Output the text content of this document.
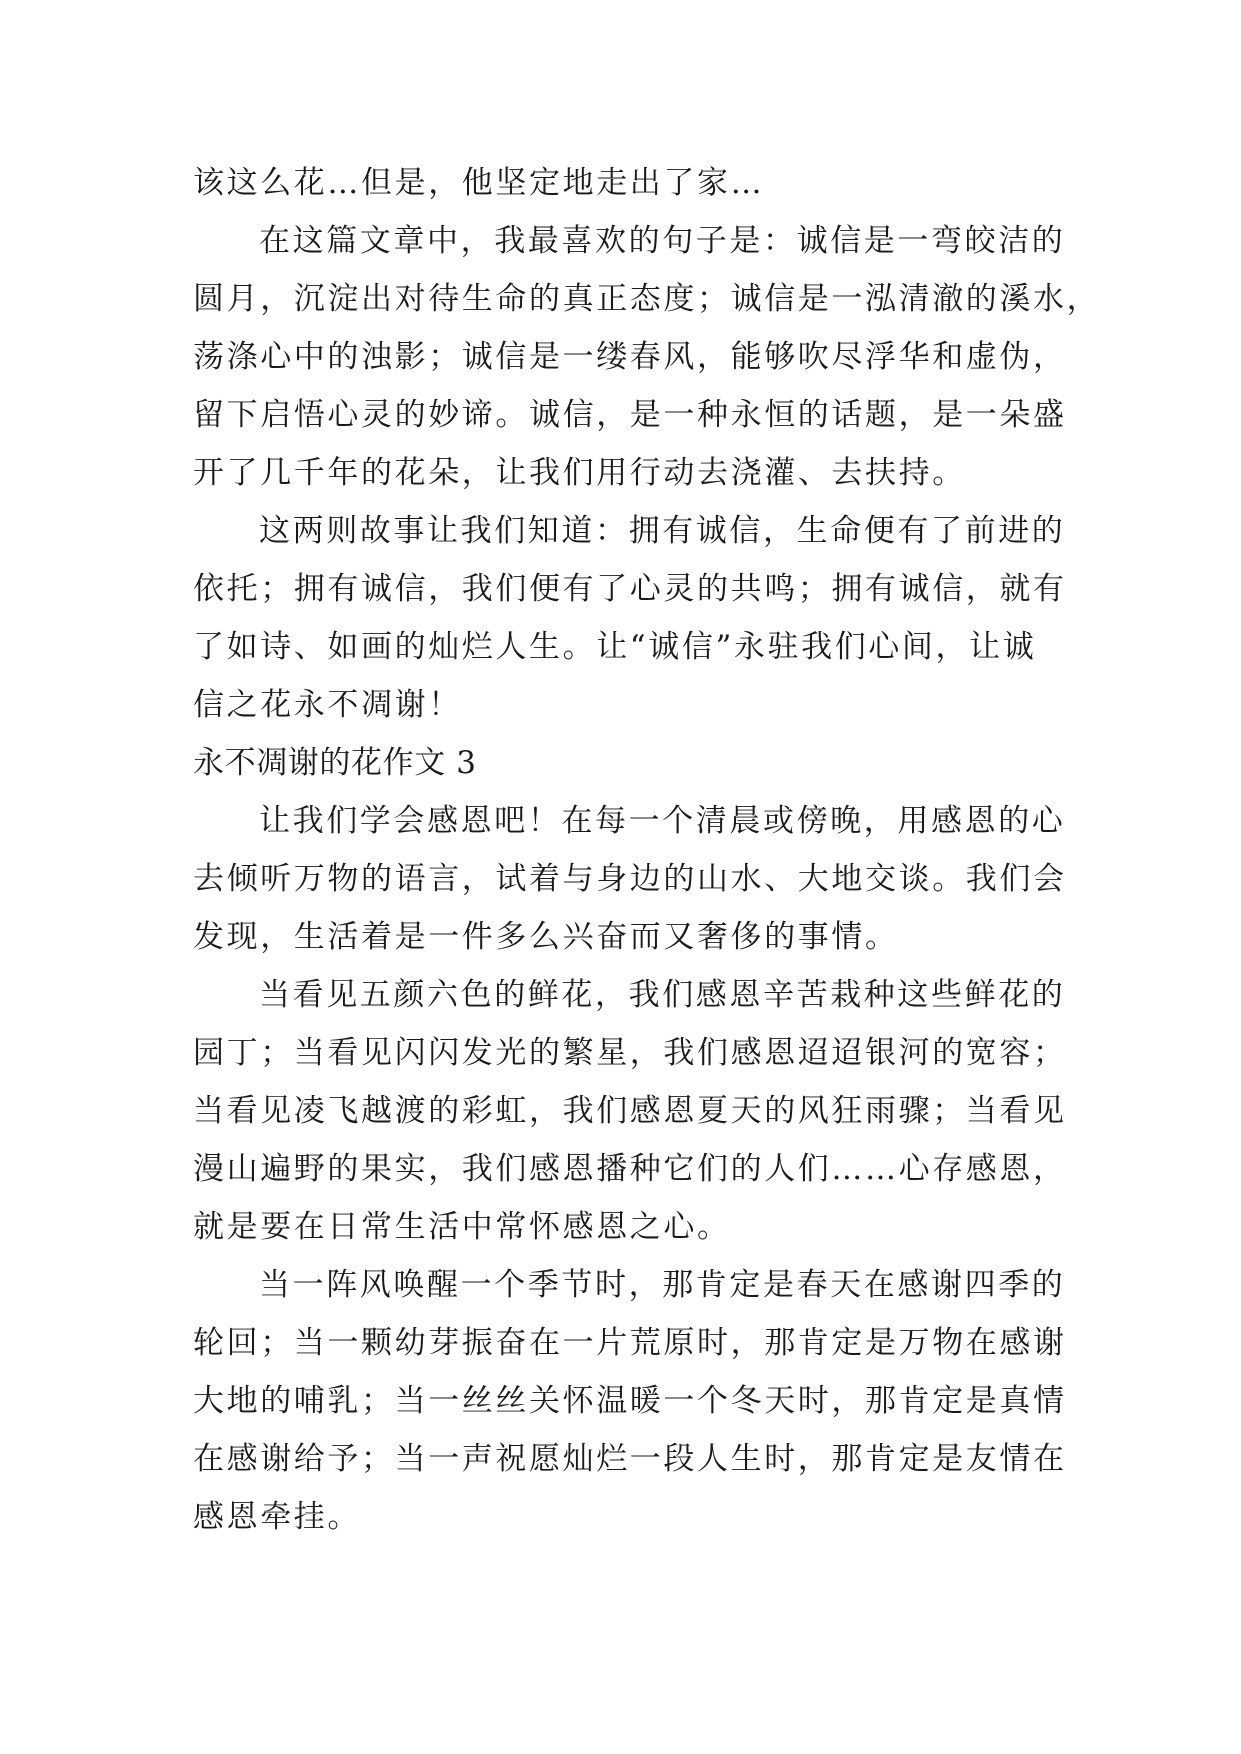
该这么花…但是，他坚定地走出了家…
在这篇文章中，我最喜欢的句子是：诚信是一弯皎洁的
圆月，沉淀出对待生命的真正态度；诚信是一泓清澈的溪水，
荡涤心中的浊影；诚信是一缕春风，能够吹尽浮华和虚伪，
留下启悟心灵的妙谛。诚信，是一种永恒的话题，是一朵盛
开了几千年的花朵，让我们用行动去浇灌、去扶持。
这两则故事让我们知道：拥有诚信，生命便有了前进的
依托；拥有诚信，我们便有了心灵的共鸣；拥有诚信，就有
了如诗、如画的灿烂人生。让“诚信”永驻我们心间，让诚
信之花永不凋谢！
永不凋谢的花作文 3
让我们学会感恩吧！在每一个清晨或傍晚，用感恩的心
去倾听万物的语言，试着与身边的山水、大地交谈。我们会
发现，生活着是一件多么兴奋而又奢侈的事情。
当看见五颜六色的鲜花，我们感恩辛苦栽种这些鲜花的
园丁；当看见闪闪发光的繁星，我们感恩迢迢银河的宽容；
当看见凌飞越渡的彩虹，我们感恩夏天的风狂雨骤；当看见
漫山遍野的果实，我们感恩播种它们的人们……心存感恩，
就是要在日常生活中常怀感恩之心。
当一阵风唤醒一个季节时，那肯定是春天在感谢四季的
轮回；当一颗幼芽振奋在一片荒原时，那肯定是万物在感谢
大地的哺乳；当一丝丝关怀温暖一个冬天时，那肯定是真情
在感谢给予；当一声祝愿灿烂一段人生时，那肯定是友情在
感恩牵挂。
